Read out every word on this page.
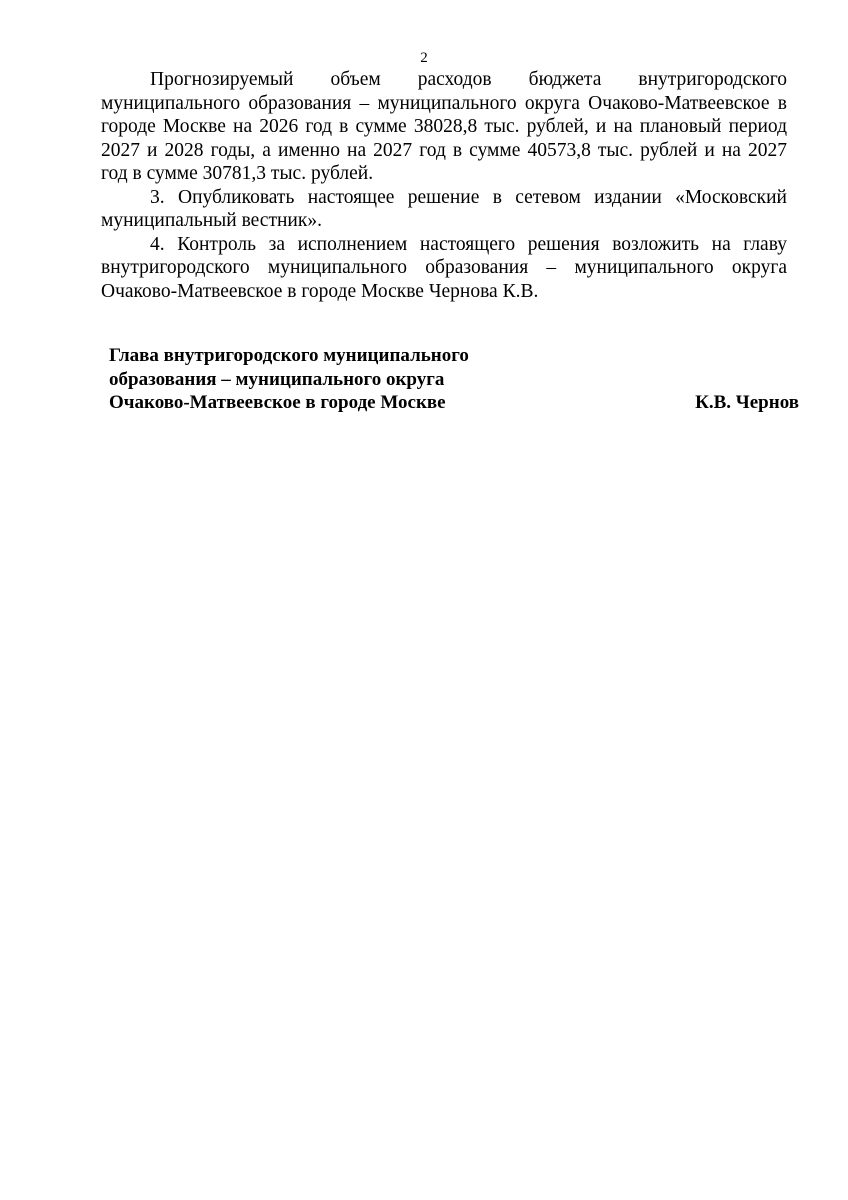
2
Прогнозируемый объем расходов бюджета внутригородского
муниципального образования – муниципального округа Очаково-Матвеевское в
городе Москве на 2026 год в сумме 38028,8 тыс. рублей, и на плановый период
2027 и 2028 годы, а именно на 2027 год в сумме 40573,8 тыс. рублей и на 2027
год в сумме 30781,3 тыс. рублей.
3. Опубликовать настоящее решение в сетевом издании «Московский
муниципальный вестник».
4. Контроль за исполнением настоящего решения возложить на главу
внутригородского муниципального образования – муниципального округа
Очаково-Матвеевское в городе Москве Чернова К.В.
Глава внутригородского муниципального
образования – муниципального округа
Очаково-Матвеевское в городе Москве	К.В. Чернов
